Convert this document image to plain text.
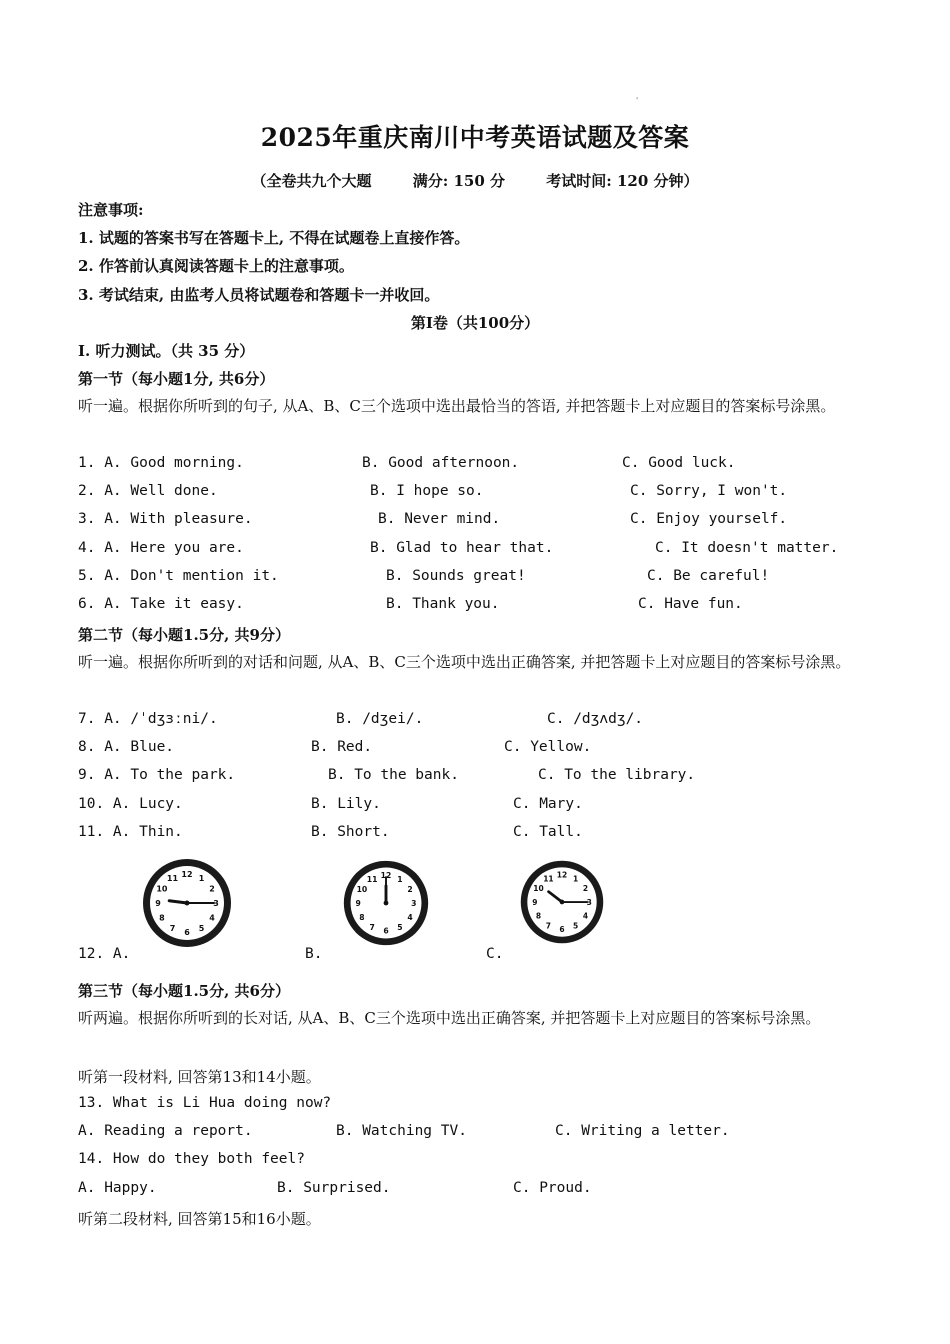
'
2025年重庆南川中考英语试题及答案
（全卷共九个大题	满分: 150 分	考试时间: 120 分钟）
注意事项:
1. 试题的答案书写在答题卡上, 不得在试题卷上直接作答。
2. 作答前认真阅读答题卡上的注意事项。
3. 考试结束, 由监考人员将试题卷和答题卡一并收回。
第Ⅰ卷（共100分）
I. 听力测试。（共 35 分）
第一节（每小题1分, 共6分）
听一遍。根据你所听到的句子, 从A、B、C三个选项中选出最恰当的答语, 并把答题卡上对应题目的答案标号涂黑。
1. A. Good morning.	B. Good afternoon.	C. Good luck.
2. A. Well done.	B. I hope so.	C. Sorry, I won't.
3. A. With pleasure.	B. Never mind.	C. Enjoy yourself.
4. A. Here you are.	B. Glad to hear that.	C. It doesn't matter.
5. A. Don't mention it.	B. Sounds great!	C. Be careful!
6. A. Take it easy.	B. Thank you.	C. Have fun.
第二节（每小题1.5分, 共9分）
听一遍。根据你所听到的对话和问题, 从A、B、C三个选项中选出正确答案, 并把答题卡上对应题目的答案标号涂黑。
7. A. /ˈdʒɜːni/.	B. /dʒei/.	C. /dʒʌdʒ/.
8. A. Blue.	B. Red.	C. Yellow.
9. A. To the park.	B. To the bank.	C. To the library.
10. A. Lucy.	B. Lily.	C. Mary.
11. A. Thin.	B. Short.	C. Tall.
1
2
3
4
5
6
7
8
9
10
11 12
1
2
3
4
5
6
7
8
9
10
11 12	1
2
3
4
5
6
7
8
9
10
11 12
12. A.	B.	C.
第三节（每小题1.5分, 共6分）
听两遍。根据你所听到的长对话, 从A、B、C三个选项中选出正确答案, 并把答题卡上对应题目的答案标号涂黑。
听第一段材料, 回答第13和14小题。
13. What is Li Hua doing now?
A. Reading a report.	B. Watching TV.	C. Writing a letter.
14. How do they both feel?
A. Happy.	B. Surprised.	C. Proud.
听第二段材料, 回答第15和16小题。
